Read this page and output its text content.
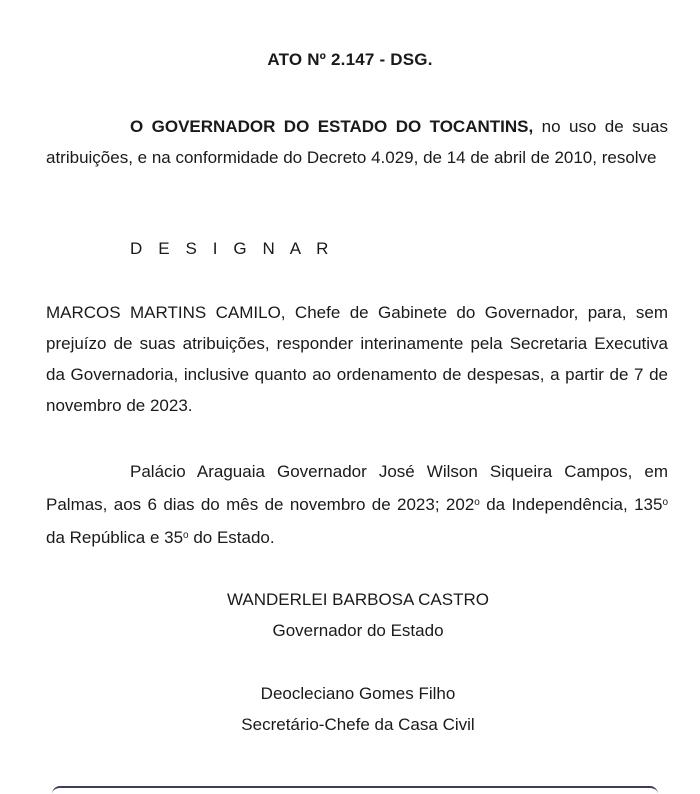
ATO Nº 2.147 - DSG.
O GOVERNADOR DO ESTADO DO TOCANTINS, no uso de suas atribuições, e na conformidade do Decreto 4.029, de 14 de abril de 2010, resolve
D E S I G N A R
MARCOS MARTINS CAMILO, Chefe de Gabinete do Governador, para, sem prejuízo de suas atribuições, responder interinamente pela Secretaria Executiva da Governadoria, inclusive quanto ao ordenamento de despesas, a partir de 7 de novembro de 2023.
Palácio Araguaia Governador José Wilson Siqueira Campos, em Palmas, aos 6 dias do mês de novembro de 2023; 202$^o$ da Independência, 135$^o$ da República e 35$^o$ do Estado.
WANDERLEI BARBOSA CASTRO
Governador do Estado
Deocleciano Gomes Filho
Secretário-Chefe da Casa Civil
